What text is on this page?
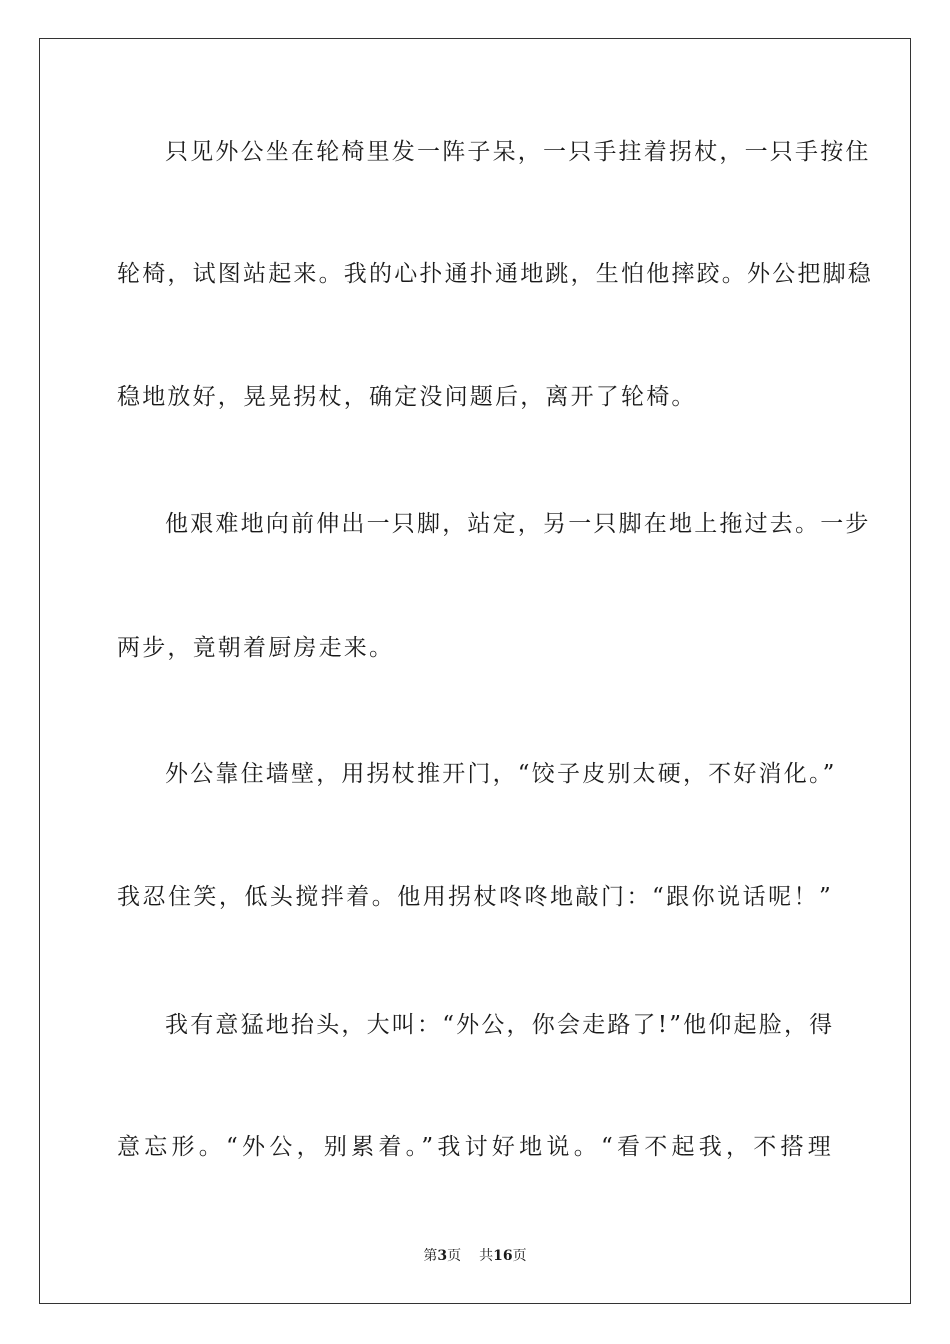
只见外公坐在轮椅里发一阵子呆，一只手拄着拐杖，一只手按住
轮椅，试图站起来。我的心扑通扑通地跳，生怕他摔跤。外公把脚稳
稳地放好，晃晃拐杖，确定没问题后，离开了轮椅。
他艰难地向前伸出一只脚，站定，另一只脚在地上拖过去。一步
两步，竟朝着厨房走来。
外公靠住墙壁，用拐杖推开门，“饺子皮别太硬，不好消化。”
我忍住笑，低头搅拌着。他用拐杖咚咚地敲门：“跟你说话呢！”
我有意猛地抬头，大叫：“外公，你会走路了!”他仰起脸，得
意忘形。“外公，别累着。”我讨好地说。“看不起我，不搭理
第3页 共16页
